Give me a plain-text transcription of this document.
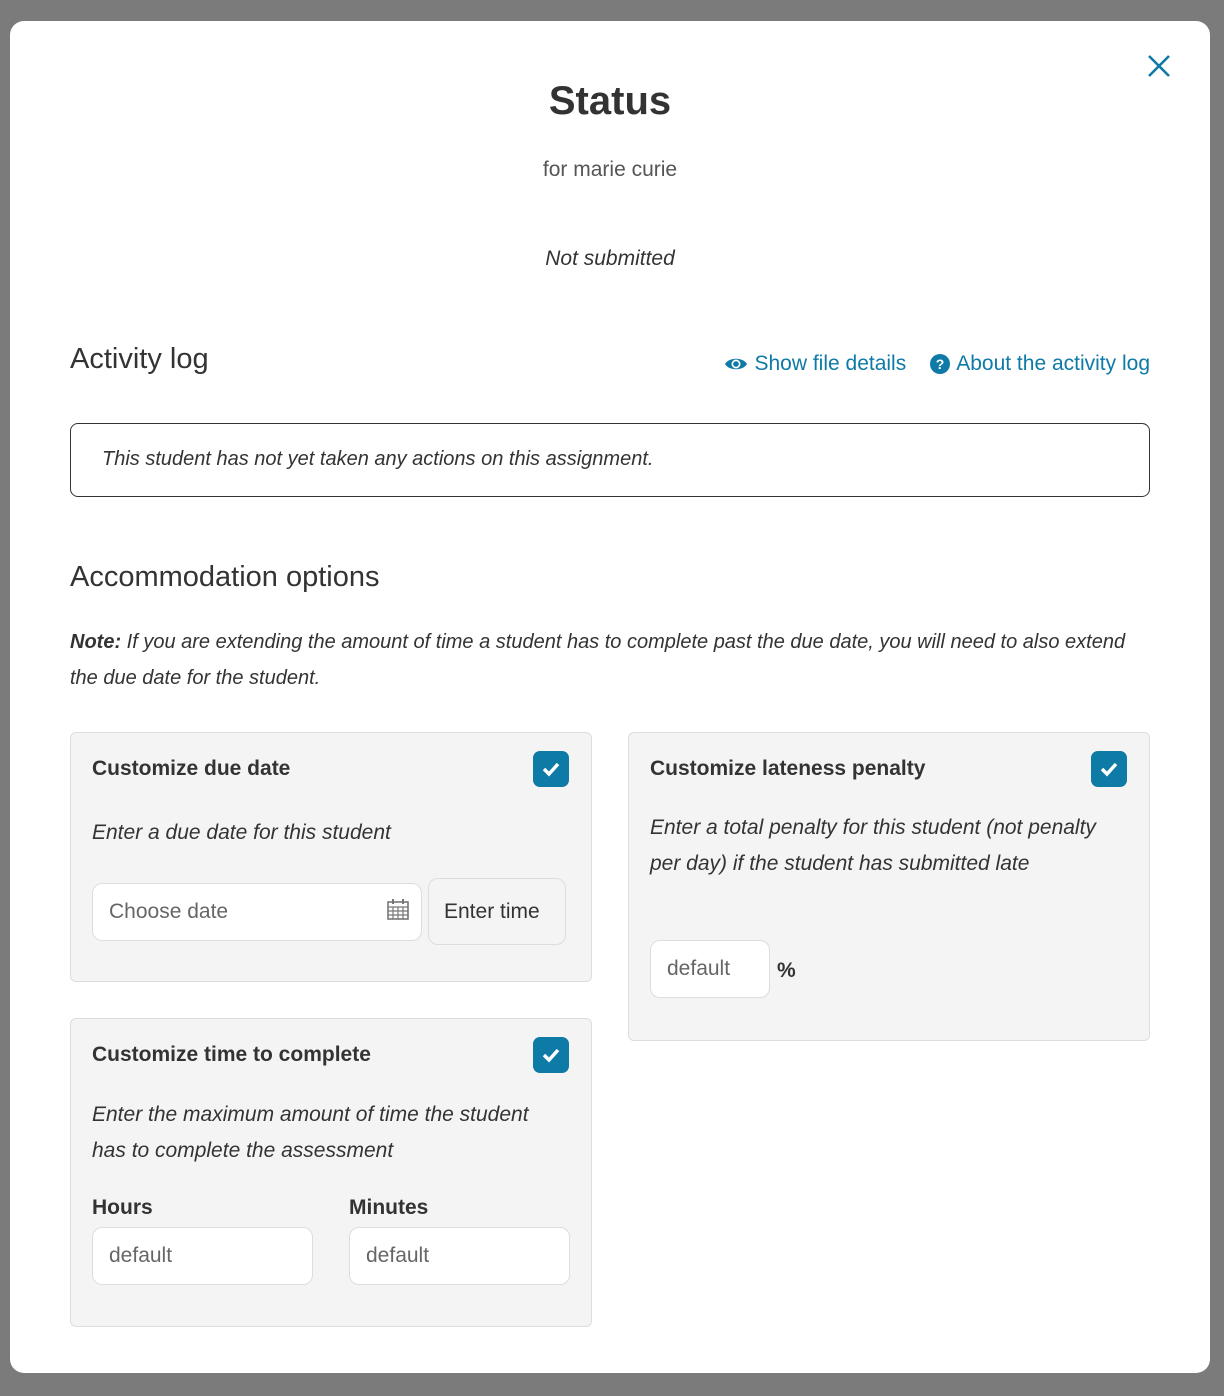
Status
for marie curie
Not submitted
Activity log	Show file details ? About the activity log
This student has not yet taken any actions on this assignment.
Accommodation options
Note: If you are extending the amount of time a student has to complete past the due date, you will need to also extend the due date for the student.
Customize due date
Enter a due date for this student
Choose date	Enter time
Customize time to complete
Enter the maximum amount of time the student has to complete the assessment
Hours	Minutes
default	default
Customize lateness penalty
Enter a total penalty for this student (not penalty per day) if the student has submitted late
default %
